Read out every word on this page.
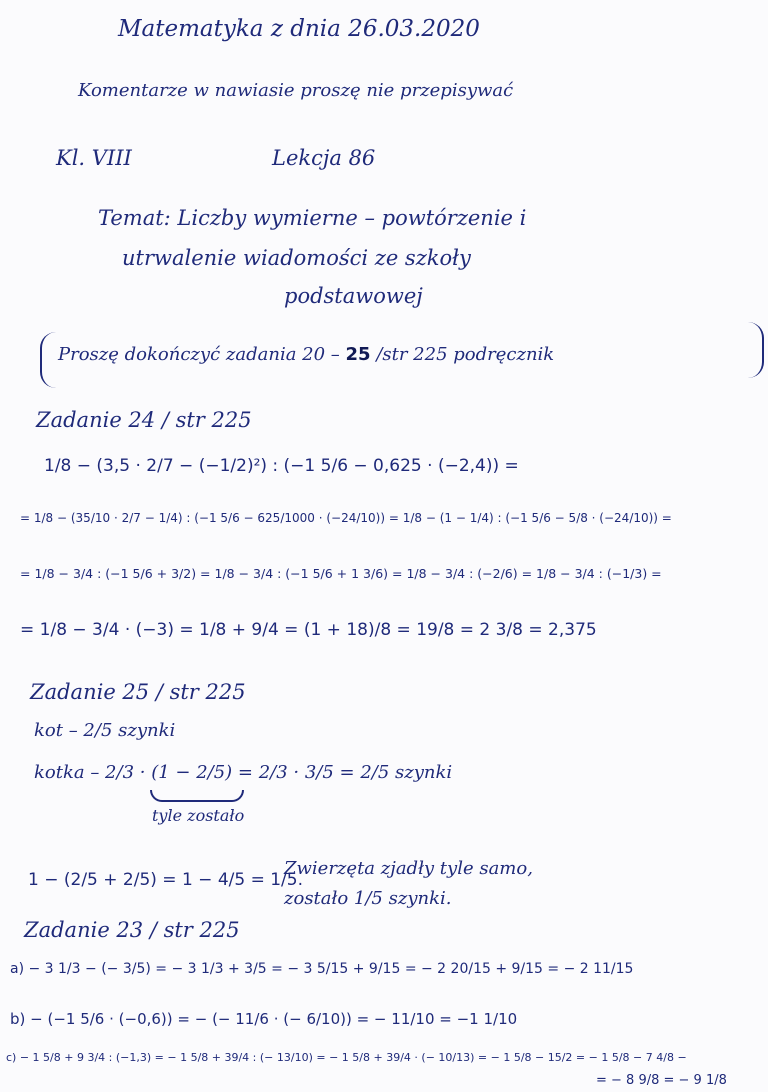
Matematyka z dnia 26.03.2020
Komentarze w nawiasie proszę nie przepisywać
Kl. VIII	Lekcja 86
Temat: Liczby wymierne – powtórzenie i
utrwalenie wiadomości ze szkoły
podstawowej
Proszę dokończyć zadania 20 – 25 /str 225 podręcznik
Zadanie 24 / str 225
1/8 − (3,5 · 2/7 − (−1/2)²) : (−1 5/6 − 0,625 · (−2,4)) =
= 1/8 − (35/10 · 2/7 − 1/4) : (−1 5/6 − 625/1000 · (−24/10)) = 1/8 − (1 − 1/4) : (−1 5/6 − 5/8 · (−24/10)) =
= 1/8 − 3/4 : (−1 5/6 + 3/2) = 1/8 − 3/4 : (−1 5/6 + 1 3/6) = 1/8 − 3/4 : (−2/6) = 1/8 − 3/4 : (−1/3) =
= 1/8 − 3/4 · (−3) = 1/8 + 9/4 = (1 + 18)/8 = 19/8 = 2 3/8 = 2,375
Zadanie 25 / str 225
kot – 2/5 szynki
kotka – 2/3 · (1 − 2/5) = 2/3 · 3/5 = 2/5 szynki
tyle zostało
1 − (2/5 + 2/5) = 1 − 4/5 = 1/5.
Zwierzęta zjadły tyle samo,
zostało 1/5 szynki.
Zadanie 23 / str 225
a) − 3 1/3 − (− 3/5) = − 3 1/3 + 3/5 = − 3 5/15 + 9/15 = − 2 20/15 + 9/15 = − 2 11/15
b) − (−1 5/6 · (−0,6)) = − (− 11/6 · (− 6/10)) = − 11/10 = −1 1/10
c) − 1 5/8 + 9 3/4 : (−1,3) = − 1 5/8 + 39/4 : (− 13/10) = − 1 5/8 + 39/4 · (− 10/13) = − 1 5/8 − 15/2 = − 1 5/8 − 7 4/8 −
= − 8 9/8 = − 9 1/8
